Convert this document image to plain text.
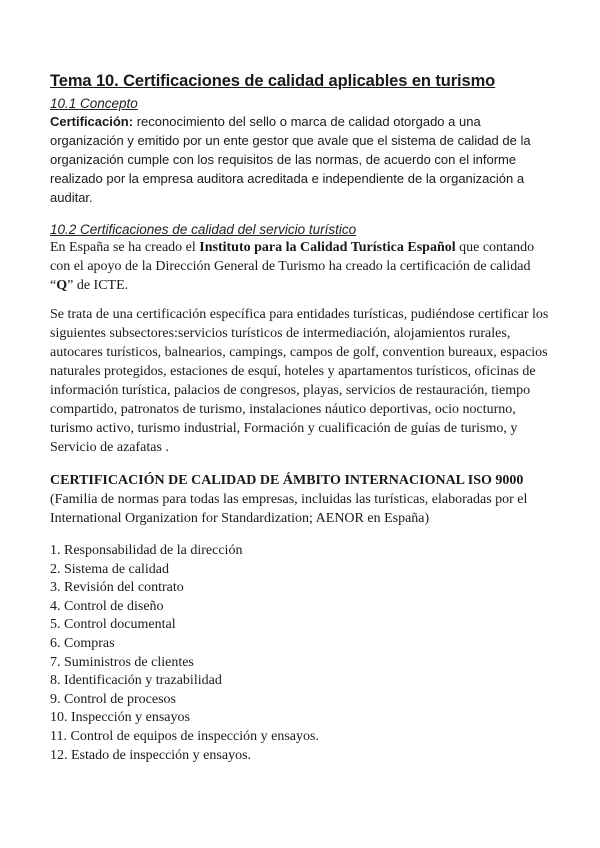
Tema 10. Certificaciones de calidad aplicables en turismo

10.1 Concepto

Certificación: reconocimiento del sello o marca de calidad otorgado a una organización y emitido por un ente gestor que avale que el sistema de calidad de la organización cumple con los requisitos de las normas, de acuerdo con el informe realizado por la empresa auditora acreditada e independiente de la organización a auditar.

10.2 Certificaciones de calidad del servicio turístico

En España se ha creado el Instituto para la Calidad Turística Español que contando con el apoyo de la Dirección General de Turismo ha creado la certificación de calidad “Q” de ICTE.

Se trata de una certificación específica para entidades turísticas, pudiéndose certificar los siguientes subsectores:servicios turísticos de intermediación, alojamientos rurales, autocares turísticos, balnearios, campings, campos de golf, convention bureaux, espacios naturales protegidos, estaciones de esquí, hoteles y apartamentos turísticos, oficinas de información turística, palacios de congresos, playas, servicios de restauración, tiempo compartido, patronatos de turismo, instalaciones náutico deportivas, ocio nocturno, turismo activo, turismo industrial, Formación y cualificación de guías de turismo, y Servicio de azafatas .

CERTIFICACIÓN DE CALIDAD DE ÁMBITO INTERNACIONAL ISO 9000

(Familia de normas para todas las empresas, incluidas las turísticas, elaboradas por el International Organization for Standardization; AENOR en España)

1. Responsabilidad de la dirección
2. Sistema de calidad
3. Revisión del contrato
4. Control de diseño
5. Control documental
6. Compras
7. Suministros de clientes
8. Identificación y trazabilidad
9. Control de procesos
10. Inspección y ensayos
11. Control de equipos de inspección y ensayos.
12. Estado de inspección y ensayos.
